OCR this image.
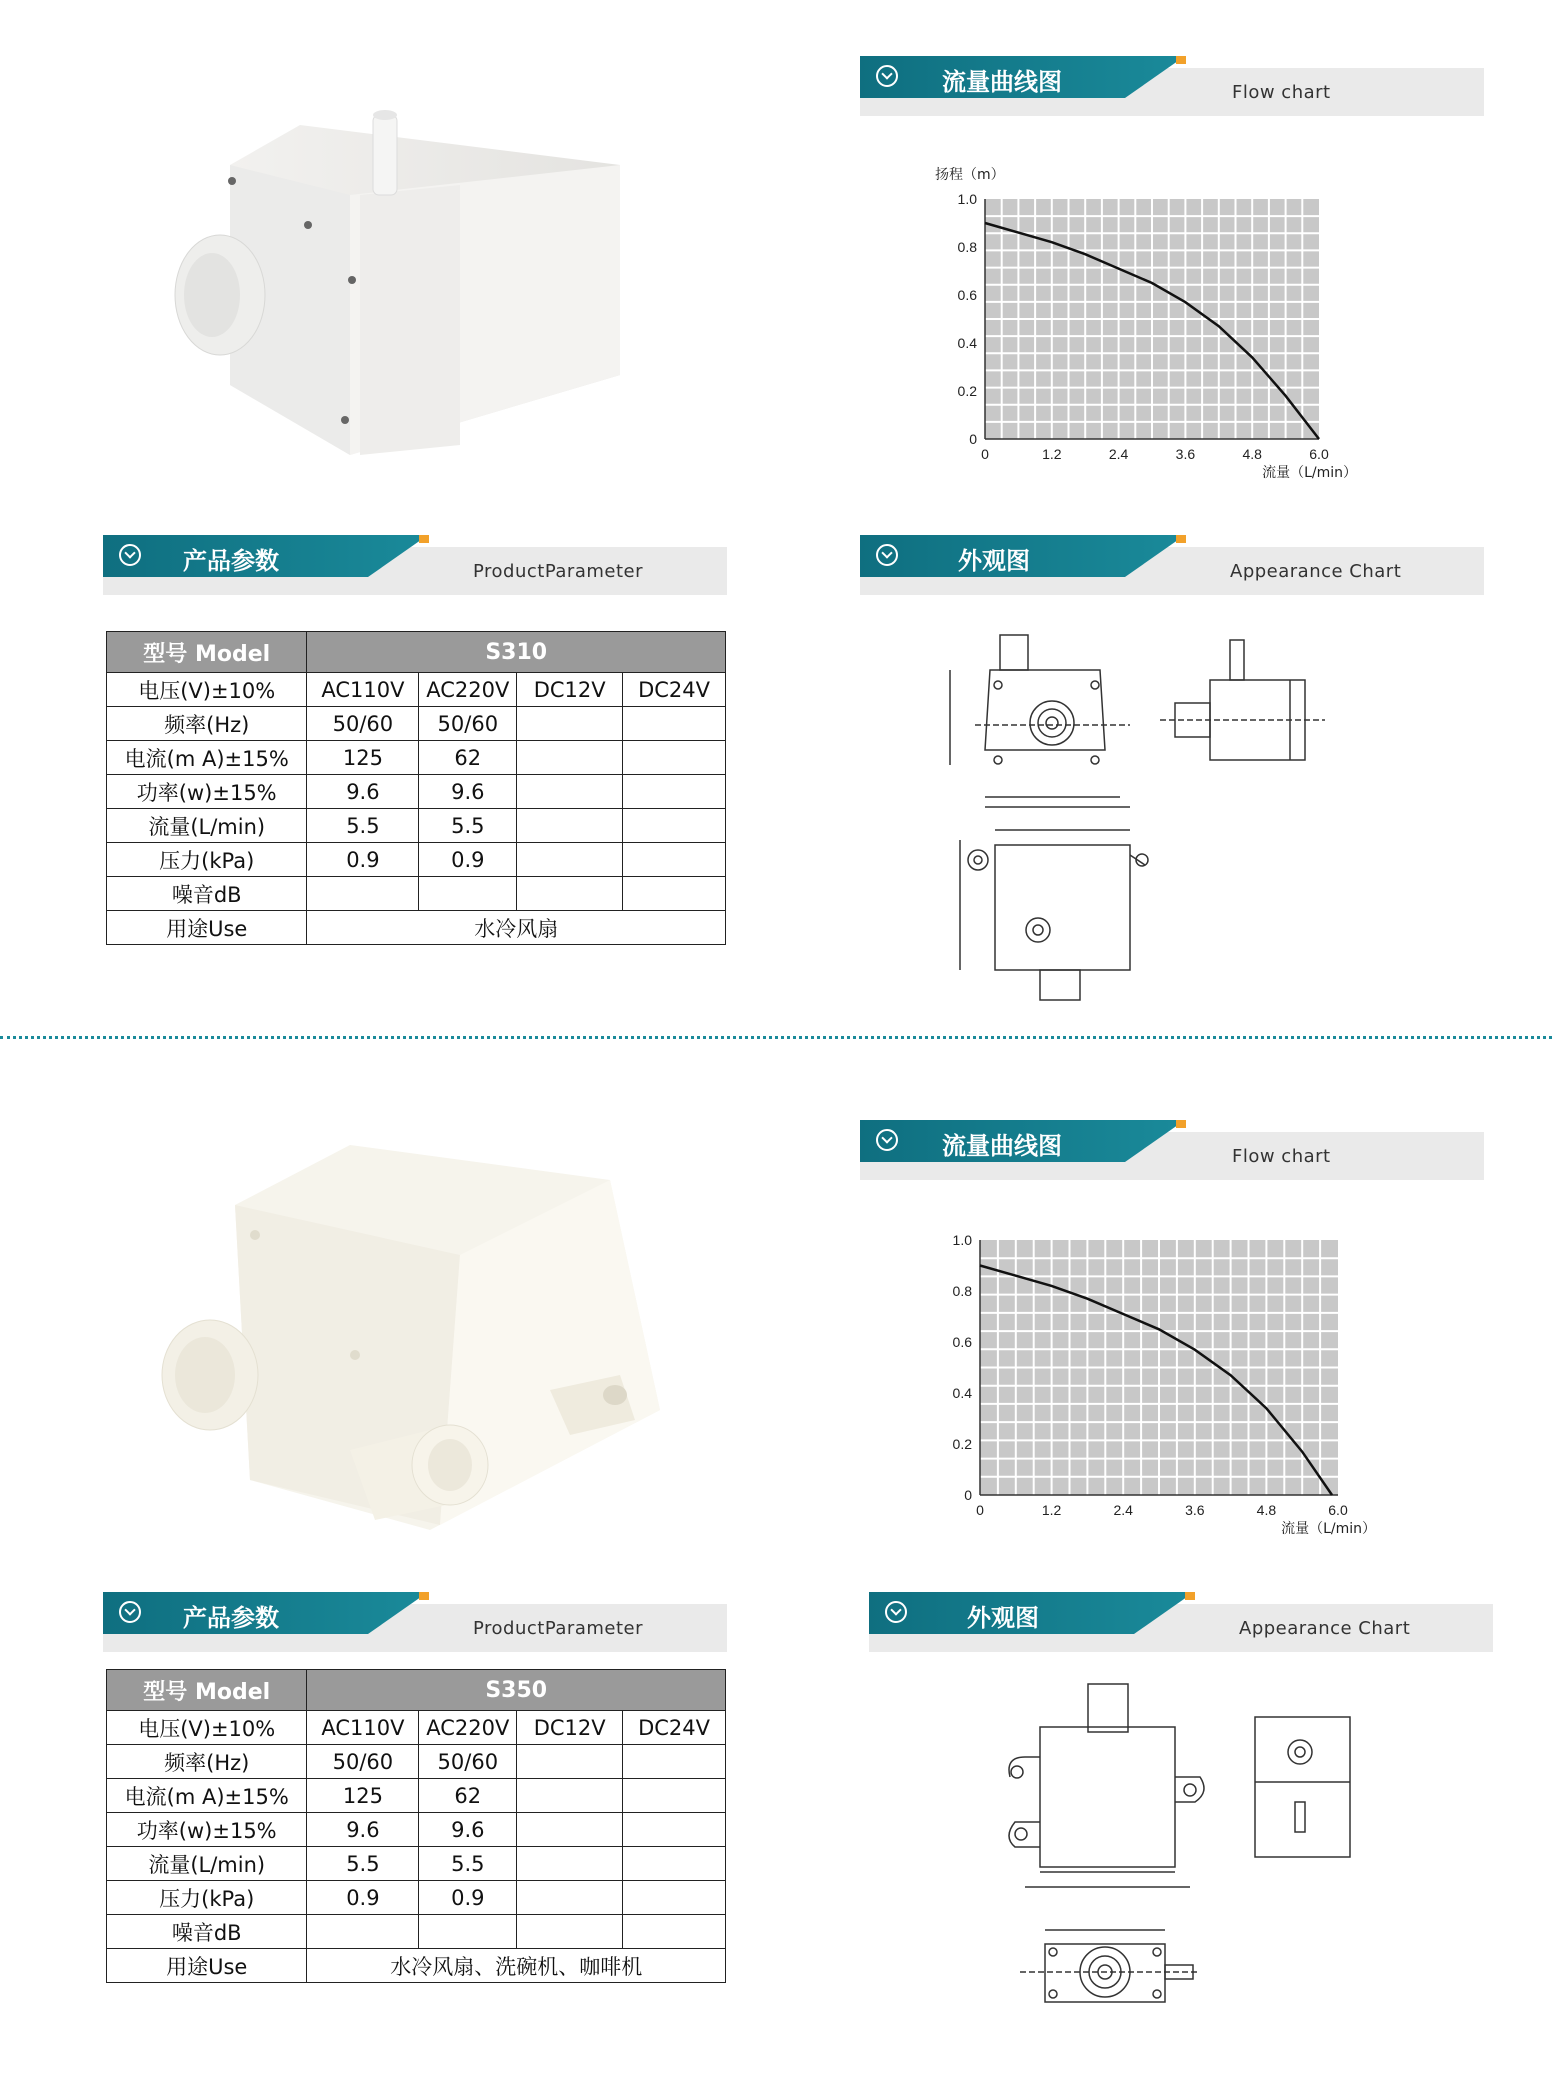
流量曲线图	Flow chart
0	1.2	2.4	3.6	4.8	6.0
0
0.2
0.4
0.6
0.8
1.0
扬程（m）
流量（L/min）
产品参数	ProductParameter	外观图	Appearance Chart
型号 Model	S310			
电压(V)±10%	AC110V	AC220V	DC12V	DC24V
频率(Hz)	50/60	50/60		
电流(m A)±15%	125	62		
功率(w)±15%	9.6	9.6		
流量(L/min)	5.5	5.5		
压力(kPa)	0.9	0.9		
噪音dB				
用途Use	水冷风扇			
流量曲线图	Flow chart
0	1.2	2.4	3.6	4.8	6.0
0
0.2
0.4
0.6
0.8
1.0
流量（L/min）
产品参数	ProductParameter	外观图	Appearance Chart
型号 Model	S350			
电压(V)±10%	AC110V	AC220V	DC12V	DC24V
频率(Hz)	50/60	50/60		
电流(m A)±15%	125	62		
功率(w)±15%	9.6	9.6		
流量(L/min)	5.5	5.5		
压力(kPa)	0.9	0.9		
噪音dB				
用途Use	水冷风扇、洗碗机、咖啡机			
